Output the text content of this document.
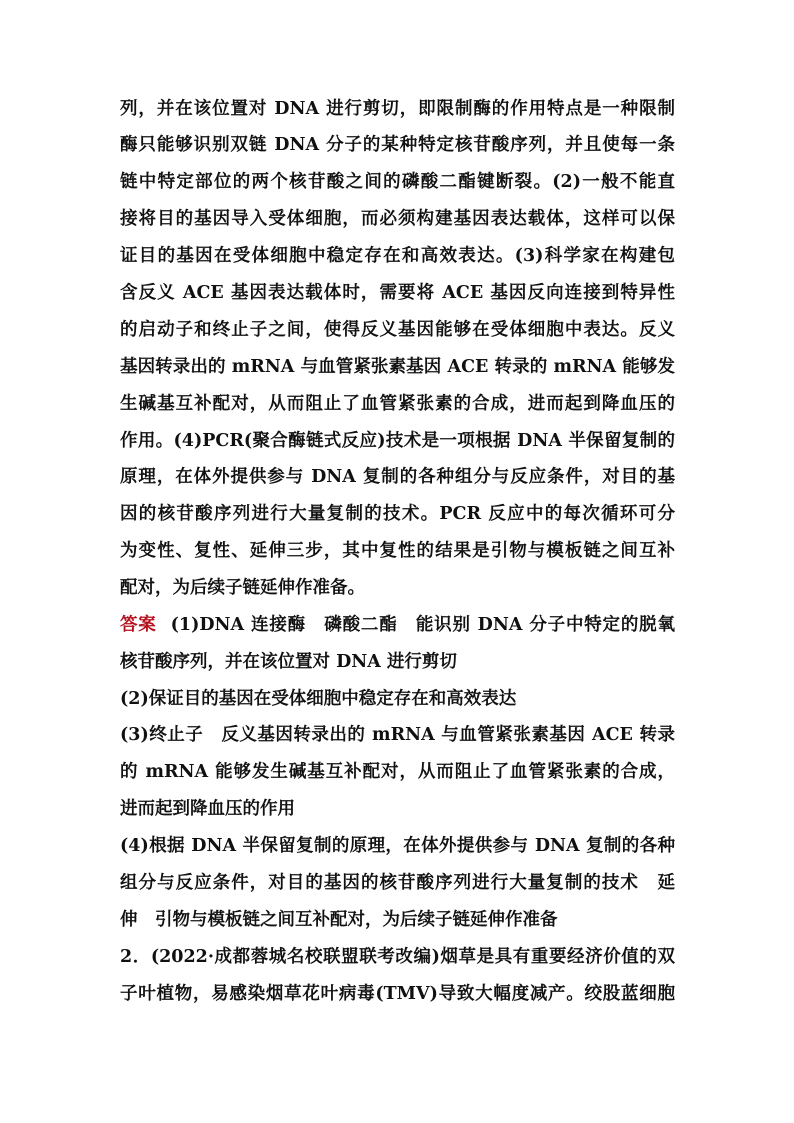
列，并在该位置对 DNA 进行剪切，即限制酶的作用特点是一种限制
酶只能够识别双链 DNA 分子的某种特定核苷酸序列，并且使每一条
链中特定部位的两个核苷酸之间的磷酸二酯键断裂。(2)一般不能直
接将目的基因导入受体细胞，而必须构建基因表达载体，这样可以保
证目的基因在受体细胞中稳定存在和高效表达。(3)科学家在构建包
含反义 ACE 基因表达载体时，需要将 ACE 基因反向连接到特异性
的启动子和终止子之间，使得反义基因能够在受体细胞中表达。反义
基因转录出的 mRNA 与血管紧张素基因 ACE 转录的 mRNA 能够发
生碱基互补配对，从而阻止了血管紧张素的合成，进而起到降血压的
作用。(4)PCR(聚合酶链式反应)技术是一项根据 DNA 半保留复制的
原理，在体外提供参与 DNA 复制的各种组分与反应条件，对目的基
因的核苷酸序列进行大量复制的技术。PCR 反应中的每次循环可分
为变性、复性、延伸三步，其中复性的结果是引物与模板链之间互补
配对，为后续子链延伸作准备。
答案 (1)DNA 连接酶　磷酸二酯　能识别 DNA 分子中特定的脱氧
核苷酸序列，并在该位置对 DNA 进行剪切
(2)保证目的基因在受体细胞中稳定存在和高效表达
(3)终止子　反义基因转录出的 mRNA 与血管紧张素基因 ACE 转录
的 mRNA 能够发生碱基互补配对，从而阻止了血管紧张素的合成，
进而起到降血压的作用
(4)根据 DNA 半保留复制的原理，在体外提供参与 DNA 复制的各种
组分与反应条件，对目的基因的核苷酸序列进行大量复制的技术　延
伸　引物与模板链之间互补配对，为后续子链延伸作准备
2．(2022·成都蓉城名校联盟联考改编)烟草是具有重要经济价值的双
子叶植物，易感染烟草花叶病毒(TMV)导致大幅度减产。绞股蓝细胞
